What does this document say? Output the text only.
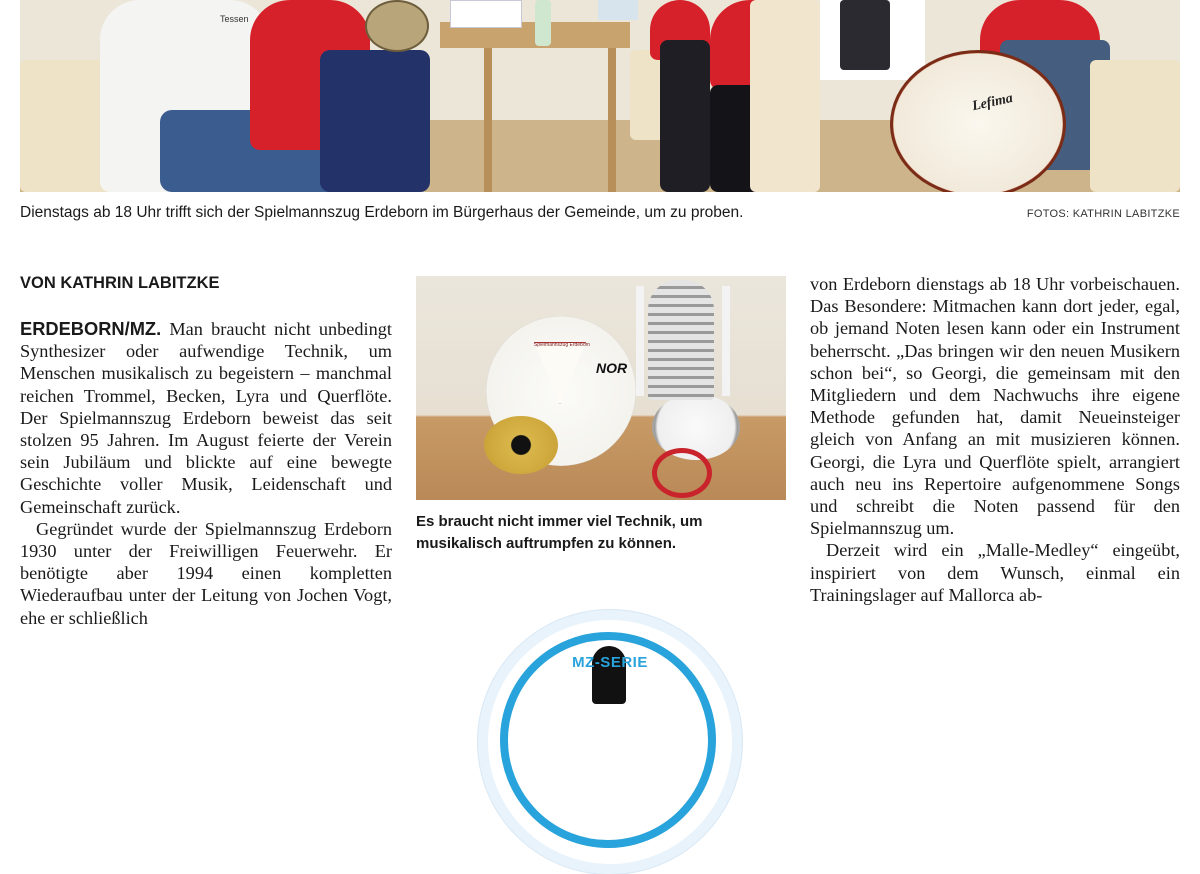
Tessen
Lefima
Dienstags ab 18 Uhr trifft sich der Spielmannszug Erdeborn im Bürgerhaus der Gemeinde, um zu proben.	FOTOS: KATHRIN LABITZKE
VON KATHRIN LABITZKE

ERDEBORN/MZ. Man braucht nicht unbedingt Synthesizer oder aufwendige Technik, um Menschen musikalisch zu begeistern – manchmal reichen Trommel, Becken, Lyra und Querflöte. Der Spielmannszug Erdeborn beweist das seit stolzen 95 Jahren. Im August feierte der Verein sein Jubiläum und blickte auf eine bewegte Geschichte voller Musik, Leidenschaft und Gemeinschaft zurück.

Gegründet wurde der Spielmannszug Erdeborn 1930 unter der Freiwilligen Feuerwehr. Er benötigte aber 1994 einen kompletten Wiederaufbau unter der Leitung von Jochen Vogt, ehe er schließlich

NOR
Spielmannszug Erdeborn
Es braucht nicht immer viel Technik, um musikalisch auftrumpfen zu können.
MZ-SERIE

von Erdeborn dienstags ab 18 Uhr vorbeischauen. Das Besondere: Mitmachen kann dort jeder, egal, ob jemand Noten lesen kann oder ein Instrument beherrscht. „Das bringen wir den neuen Musikern schon bei“, so Georgi, die gemeinsam mit den Mitgliedern und dem Nachwuchs ihre eigene Methode gefunden hat, damit Neueinsteiger gleich von Anfang an mit musizieren können. Georgi, die Lyra und Querflöte spielt, arrangiert auch neu ins Repertoire aufgenommene Songs und schreibt die Noten passend für den Spielmannszug um.

Derzeit wird ein „Malle-Medley“ eingeübt, inspiriert von dem Wunsch, einmal ein Trainingslager auf Mallorca ab-
